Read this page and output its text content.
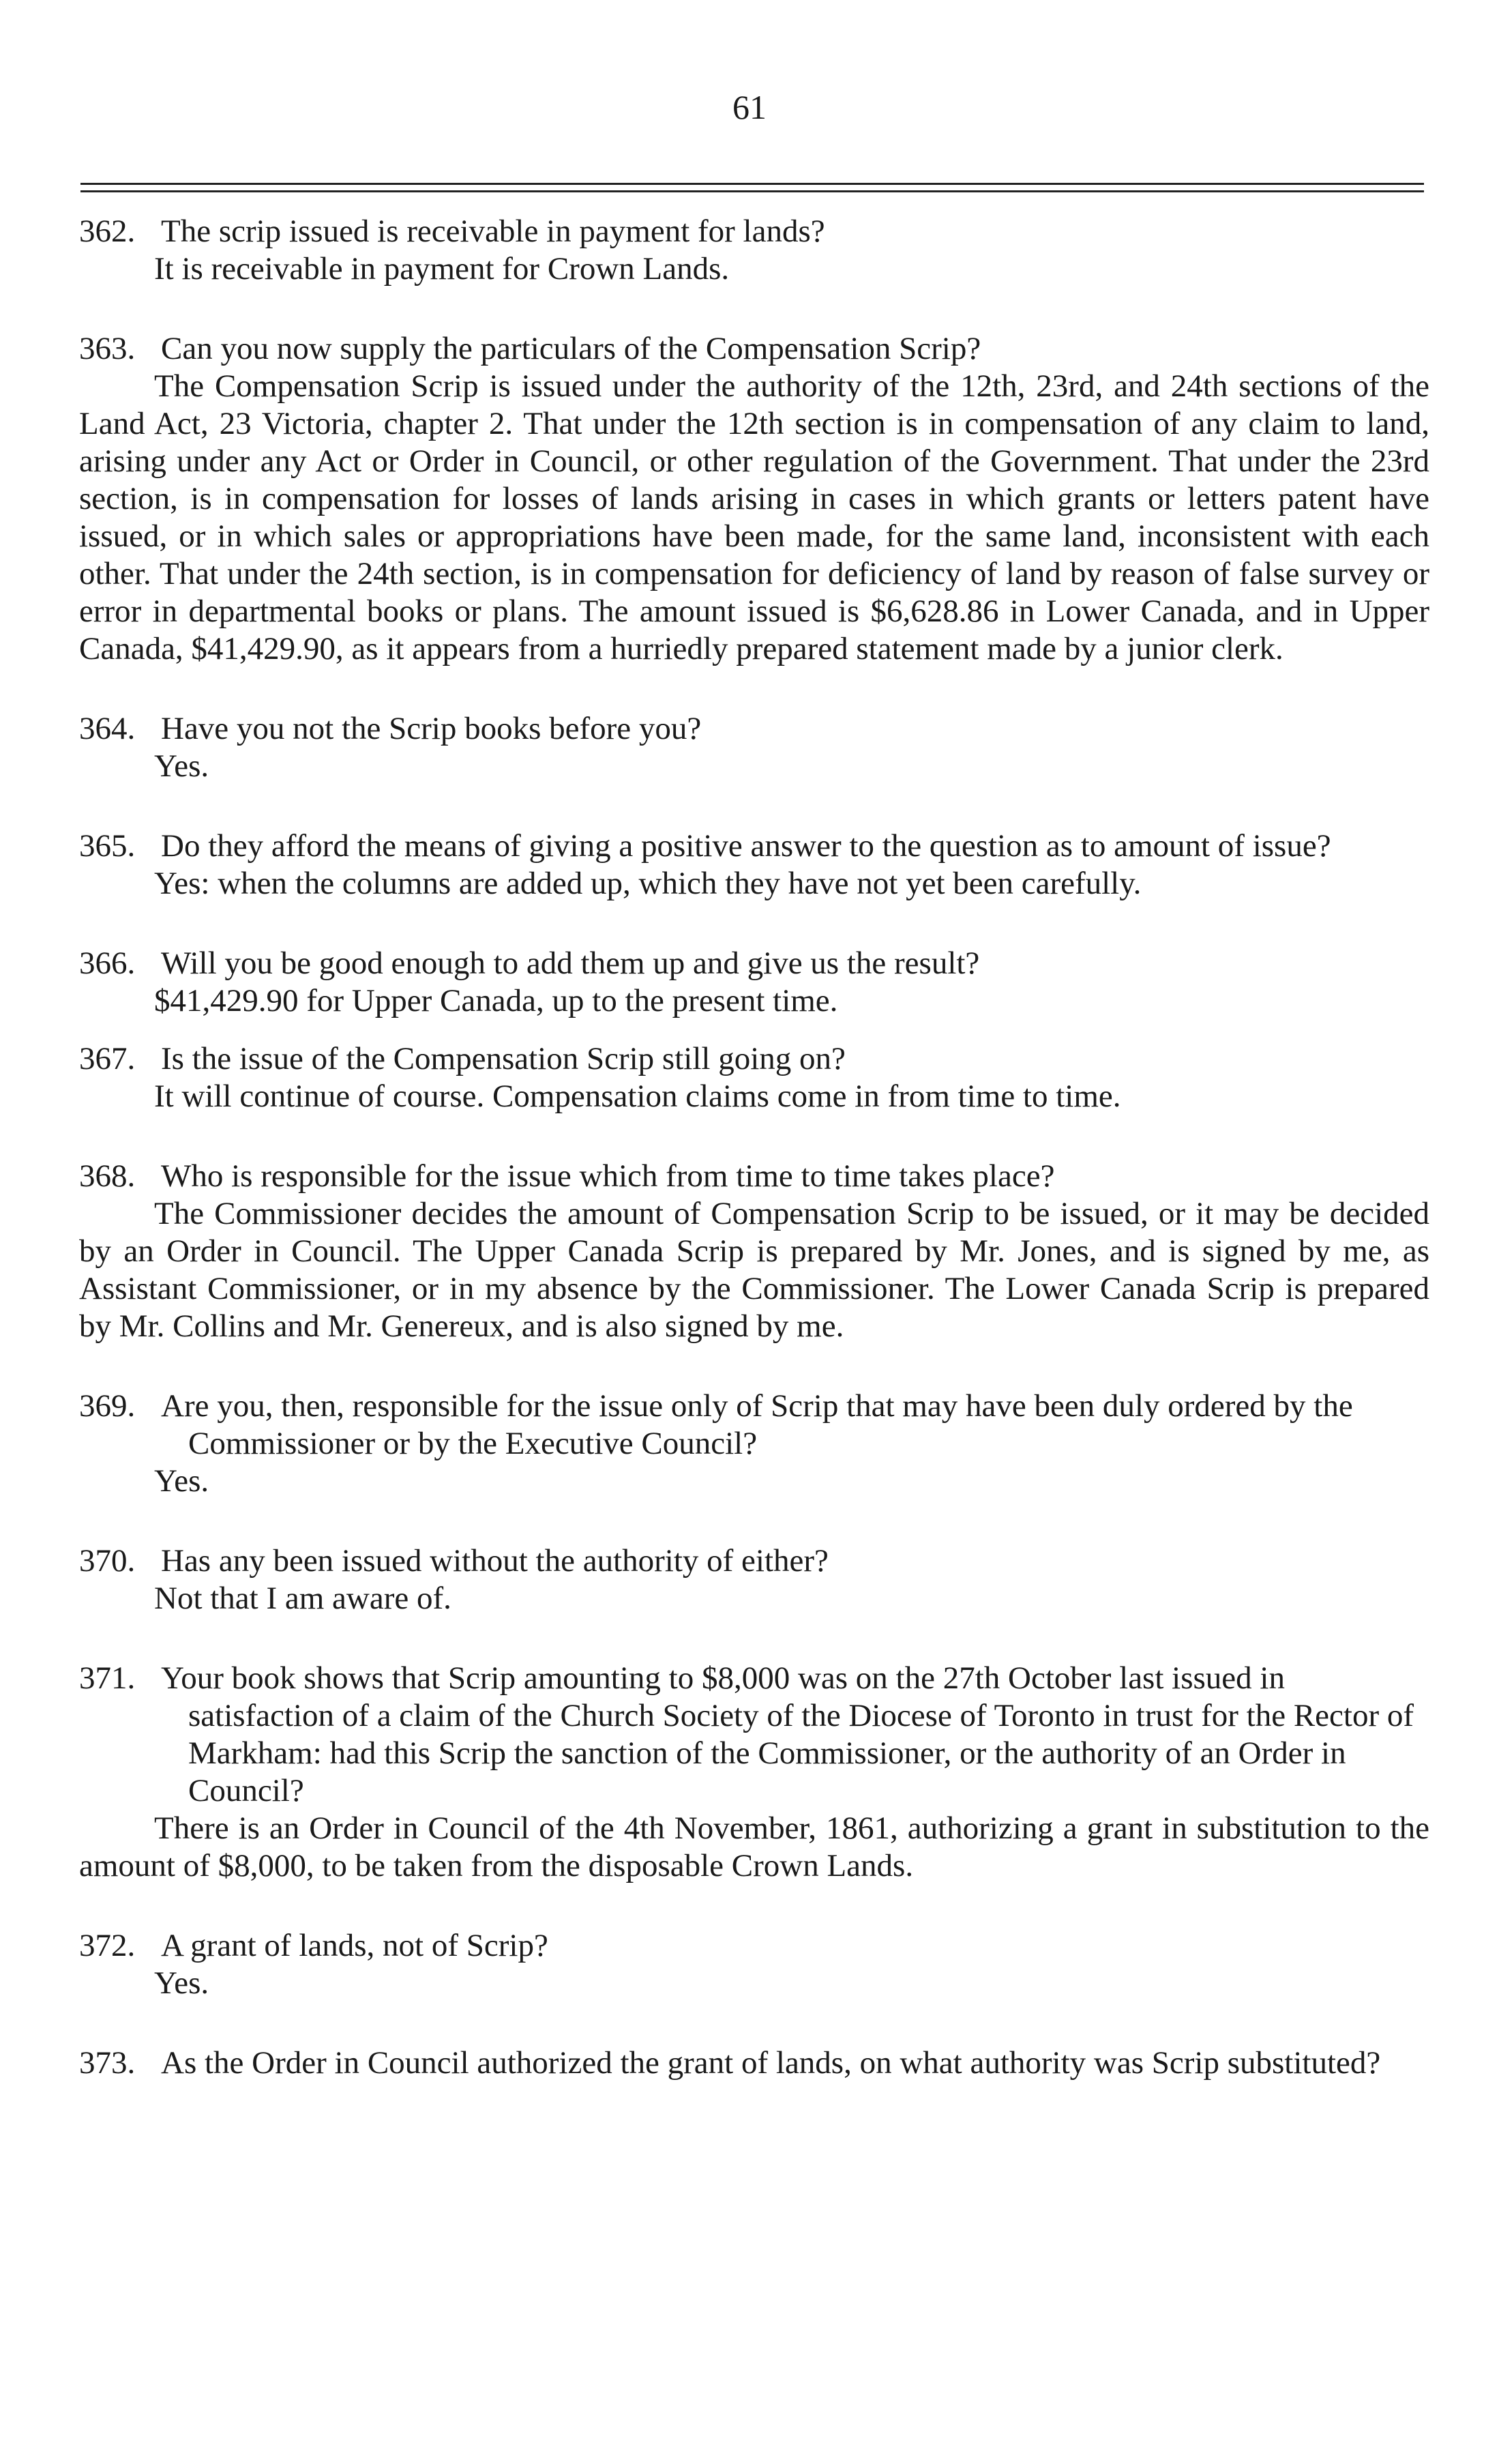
61

362. The scrip issued is receivable in payment for lands?

It is receivable in payment for Crown Lands.

363. Can you now supply the particulars of the Compensation Scrip?

The Compensation Scrip is issued under the authority of the 12th, 23rd, and 24th sections of the Land Act, 23 Victoria, chapter 2. That under the 12th section is in compensation of any claim to land, arising under any Act or Order in Council, or other regulation of the Government. That under the 23rd section, is in compensation for losses of lands arising in cases in which grants or letters patent have issued, or in which sales or appropriations have been made, for the same land, inconsistent with each other. That under the 24th section, is in compensation for deficiency of land by reason of false survey or error in departmental books or plans. The amount issued is $6,628.86 in Lower Canada, and in Upper Canada, $41,429.90, as it appears from a hurriedly prepared statement made by a junior clerk.

364. Have you not the Scrip books before you?

Yes.

365. Do they afford the means of giving a positive answer to the question as to amount of issue?

Yes: when the columns are added up, which they have not yet been carefully.

366. Will you be good enough to add them up and give us the result?

$41,429.90 for Upper Canada, up to the present time.

367. Is the issue of the Compensation Scrip still going on?

It will continue of course. Compensation claims come in from time to time.

368. Who is responsible for the issue which from time to time takes place?

The Commissioner decides the amount of Compensation Scrip to be issued, or it may be decided by an Order in Council. The Upper Canada Scrip is prepared by Mr. Jones, and is signed by me, as Assistant Commissioner, or in my absence by the Commissioner. The Lower Canada Scrip is prepared by Mr. Collins and Mr. Genereux, and is also signed by me.

369. Are you, then, responsible for the issue only of Scrip that may have been duly ordered by the Commissioner or by the Executive Council?

Yes.

370. Has any been issued without the authority of either?

Not that I am aware of.

371. Your book shows that Scrip amounting to $8,000 was on the 27th October last issued in satisfaction of a claim of the Church Society of the Diocese of Toronto in trust for the Rector of Markham: had this Scrip the sanction of the Commissioner, or the authority of an Order in Council?

There is an Order in Council of the 4th November, 1861, authorizing a grant in substitution to the amount of $8,000, to be taken from the disposable Crown Lands.

372. A grant of lands, not of Scrip?

Yes.

373. As the Order in Council authorized the grant of lands, on what authority was Scrip substituted?
